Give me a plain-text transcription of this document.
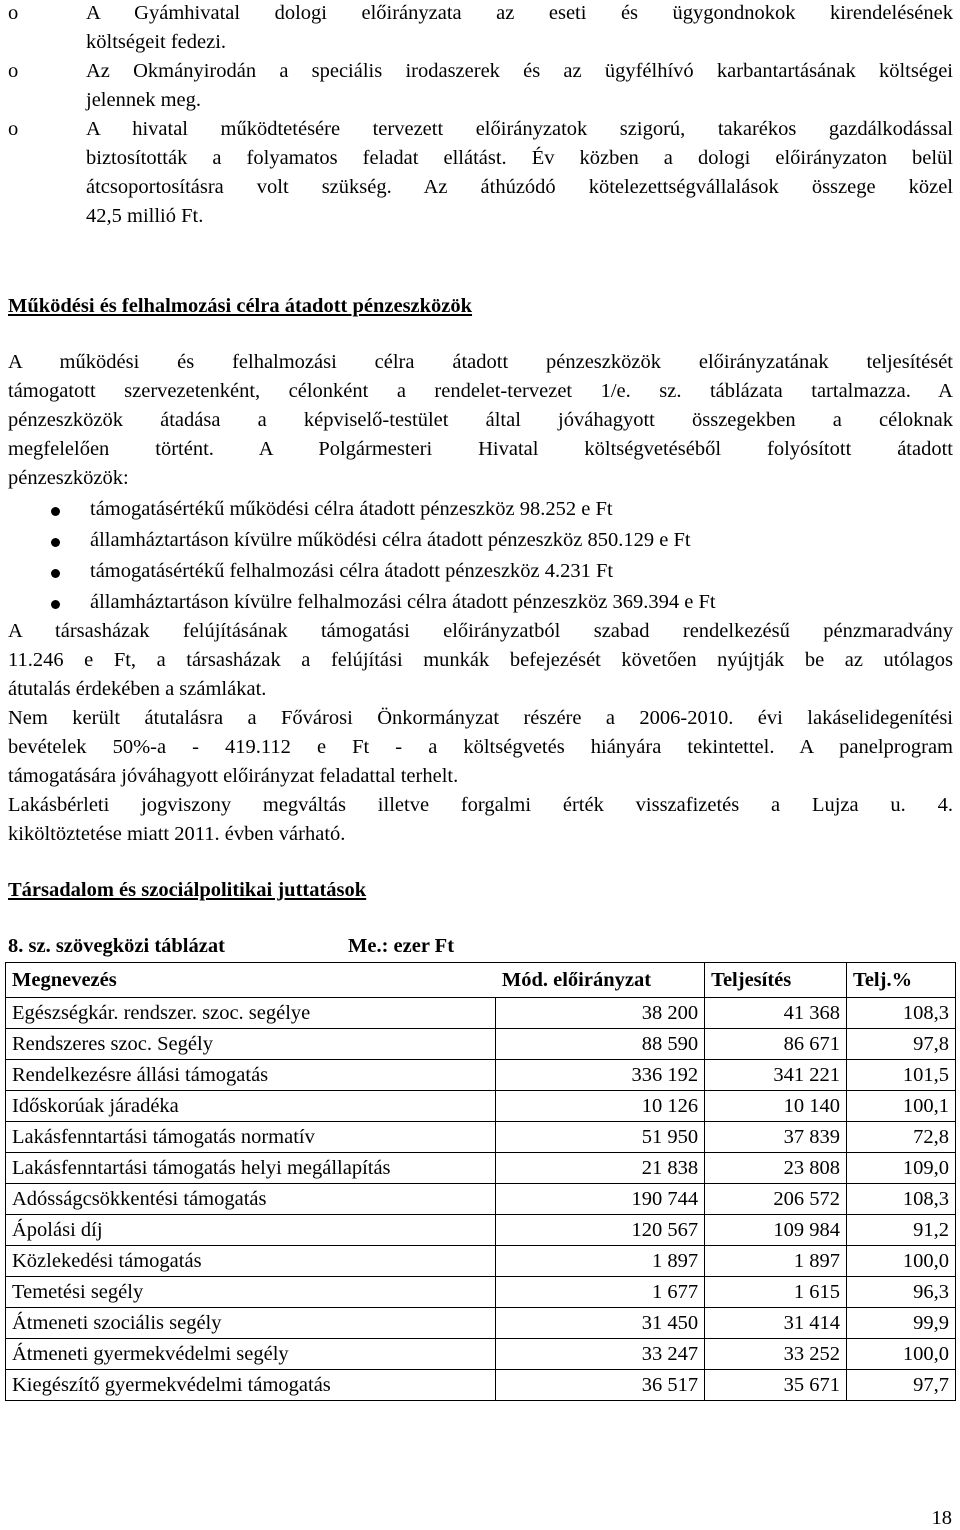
o	A Gyámhivatal dologi előirányzata az eseti és ügygondnokok kirendelésének
költségeit fedezi.
o	Az Okmányirodán a speciális irodaszerek és az ügyfélhívó karbantartásának költségei
jelennek meg.
o	A hivatal működtetésére tervezett előirányzatok szigorú, takarékos gazdálkodással
biztosították a folyamatos feladat ellátást. Év közben a dologi előirányzaton belül
átcsoportosításra volt szükség. Az áthúzódó kötelezettségvállalások összege közel
42,5 millió Ft.
Működési és felhalmozási célra átadott pénzeszközök
A működési és felhalmozási célra átadott pénzeszközök előirányzatának teljesítését
támogatott szervezetenként, célonként a rendelet-tervezet 1/e. sz. táblázata tartalmazza. A
pénzeszközök átadása a képviselő-testület által jóváhagyott összegekben a céloknak
megfelelően történt. A Polgármesteri Hivatal költségvetéséből folyósított átadott
pénzeszközök:
támogatásértékű működési célra átadott pénzeszköz 98.252 e Ft
államháztartáson kívülre működési célra átadott pénzeszköz 850.129 e Ft
támogatásértékű felhalmozási célra átadott pénzeszköz 4.231 Ft
államháztartáson kívülre felhalmozási célra átadott pénzeszköz 369.394 e Ft
A társasházak felújításának támogatási előirányzatból szabad rendelkezésű pénzmaradvány
11.246 e Ft, a társasházak a felújítási munkák befejezését követően nyújtják be az utólagos
átutalás érdekében a számlákat.
Nem került átutalásra a Fővárosi Önkormányzat részére a 2006-2010. évi lakáselidegenítési
bevételek 50%-a - 419.112 e Ft - a költségvetés hiányára tekintettel. A panelprogram
támogatására jóváhagyott előirányzat feladattal terhelt.
Lakásbérleti jogviszony megváltás illetve forgalmi érték visszafizetés a Lujza u. 4.
kiköltöztetése miatt 2011. évben várható.
Társadalom és szociálpolitikai juttatások
8. sz. szövegközi táblázat	Me.: ezer Ft
Megnevezés	Mód. előirányzat	Teljesítés	Telj.%
Egészségkár. rendszer. szoc. segélye	38 200	41 368	108,3
Rendszeres szoc. Segély	88 590	86 671	97,8
Rendelkezésre állási támogatás	336 192	341 221	101,5
Időskorúak járadéka	10 126	10 140	100,1
Lakásfenntartási támogatás normatív	51 950	37 839	72,8
Lakásfenntartási támogatás helyi megállapítás	21 838	23 808	109,0
Adósságcsökkentési támogatás	190 744	206 572	108,3
Ápolási díj	120 567	109 984	91,2
Közlekedési támogatás	1 897	1 897	100,0
Temetési segély	1 677	1 615	96,3
Átmeneti szociális segély	31 450	31 414	99,9
Átmeneti gyermekvédelmi segély	33 247	33 252	100,0
Kiegészítő gyermekvédelmi támogatás	36 517	35 671	97,7
18
